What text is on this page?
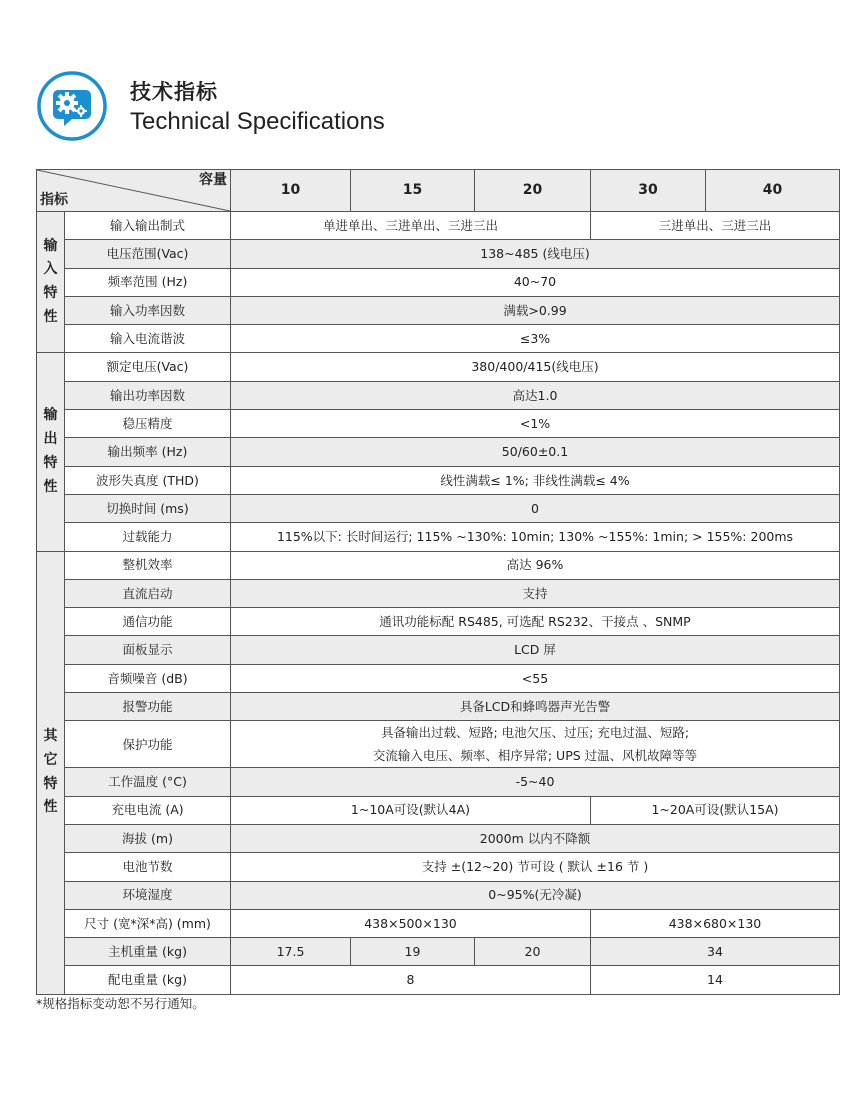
技术指标
Technical Specifications
容量
指标		10	15	20	30	40
输入特性	输入输出制式	单进单出、三进单出、三进三出			三进单出、三进三出	
	电压范围(Vac)	138~485 (线电压)				
	频率范围 (Hz)	40~70				
	输入功率因数	满载>0.99				
	输入电流谐波	≤3%				
输出特性	额定电压(Vac)	380/400/415(线电压)				
	输出功率因数	高达1.0				
	稳压精度	<1%				
	输出频率 (Hz)	50/60±0.1				
	波形失真度 (THD)	线性满载≤ 1%; 非线性满载≤ 4%				
	切换时间 (ms)	0				
	过载能力	115%以下: 长时间运行; 115% ~130%: 10min; 130% ~155%: 1min; > 155%: 200ms				
其它特性	整机效率	高达 96%				
	直流启动	支持				
	通信功能	通讯功能标配 RS485, 可选配 RS232、干接点 、SNMP				
	面板显示	LCD 屏				
	音频噪音 (dB)	<55				
	报警功能	具备LCD和蜂鸣器声光告警				
	保护功能	具备输出过载、短路; 电池欠压、过压; 充电过温、短路;
交流输入电压、频率、相序异常; UPS 过温、风机故障等等				

	工作温度 (°C)	-5~40				
	充电电流 (A)	1~10A可设(默认4A)			1~20A可设(默认15A)	
	海拔 (m)	2000m 以内不降额				
	电池节数	支持 ±(12~20) 节可设 ( 默认 ±16 节 )				
	环境湿度	0~95%(无冷凝)				
	尺寸 (宽*深*高) (mm)	438×500×130			438×680×130	
	主机重量 (kg)	17.5	19	20	34	
	配电重量 (kg)	8			14	
*规格指标变动恕不另行通知。
